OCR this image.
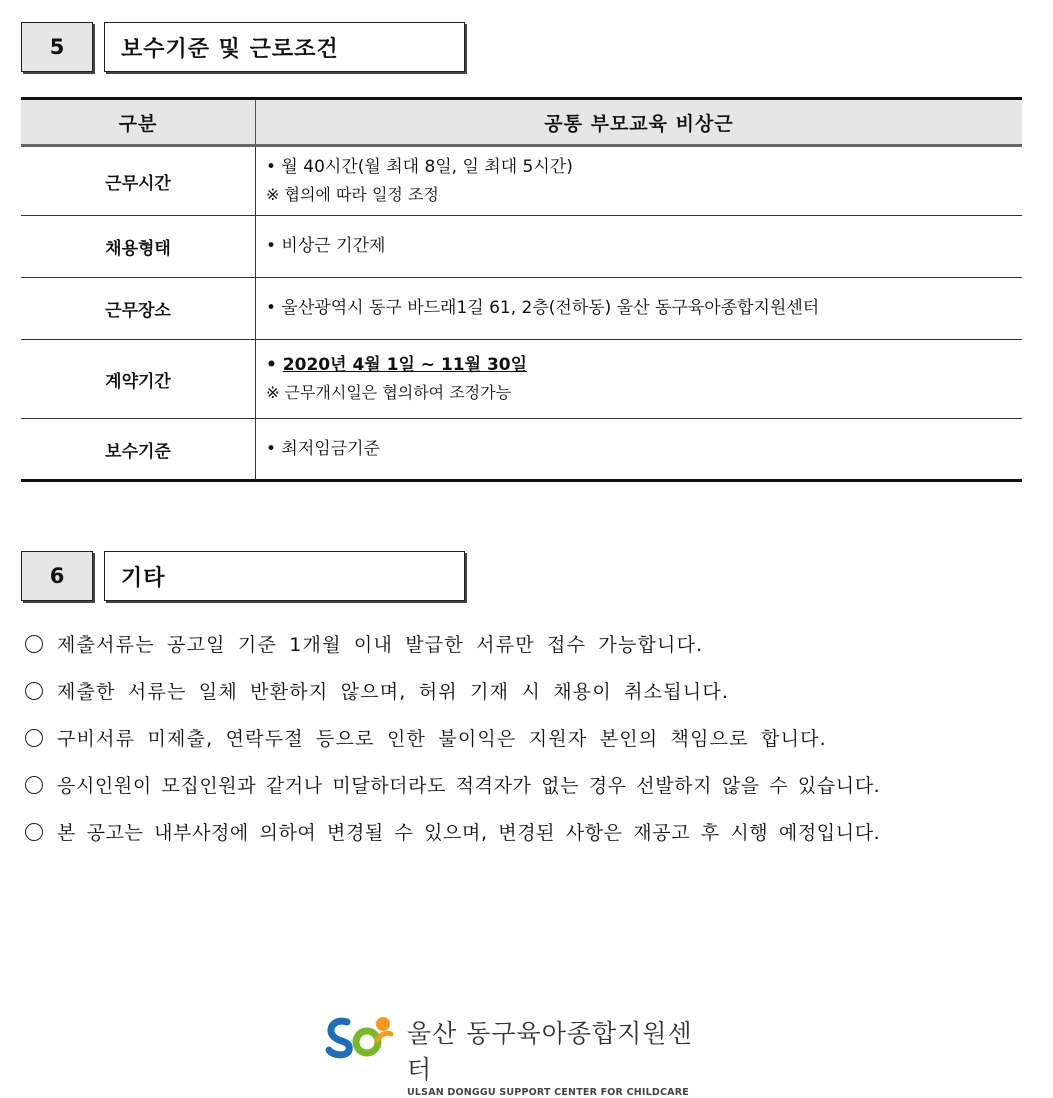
5	보수기준 및 근로조건
구분	공통 부모교육 비상근
근무시간	• 월 40시간(월 최대 8일, 일 최대 5시간)
※ 협의에 따라 일정 조정

채용형태	• 비상근 기간제

근무장소	• 울산광역시 동구 바드래1길 61, 2층(전하동) 울산 동구육아종합지원센터

계약기간	• 2020년 4월 1일 ~ 11월 30일
※ 근무개시일은 협의하여 조정가능

보수기준	• 최저임금기준
6	기타
제출서류는 공고일 기준 1개월 이내 발급한 서류만 접수 가능합니다.
제출한 서류는 일체 반환하지 않으며, 허위 기재 시 채용이 취소됩니다.
구비서류 미제출, 연락두절 등으로 인한 불이익은 지원자 본인의 책임으로 합니다.
응시인원이 모집인원과 같거나 미달하더라도 적격자가 없는 경우 선발하지 않을 수 있습니다.
본 공고는 내부사정에 의하여 변경될 수 있으며, 변경된 사항은 재공고 후 시행 예정입니다.
울산 동구육아종합지원센터
ULSAN DONGGU SUPPORT CENTER FOR CHILDCARE
